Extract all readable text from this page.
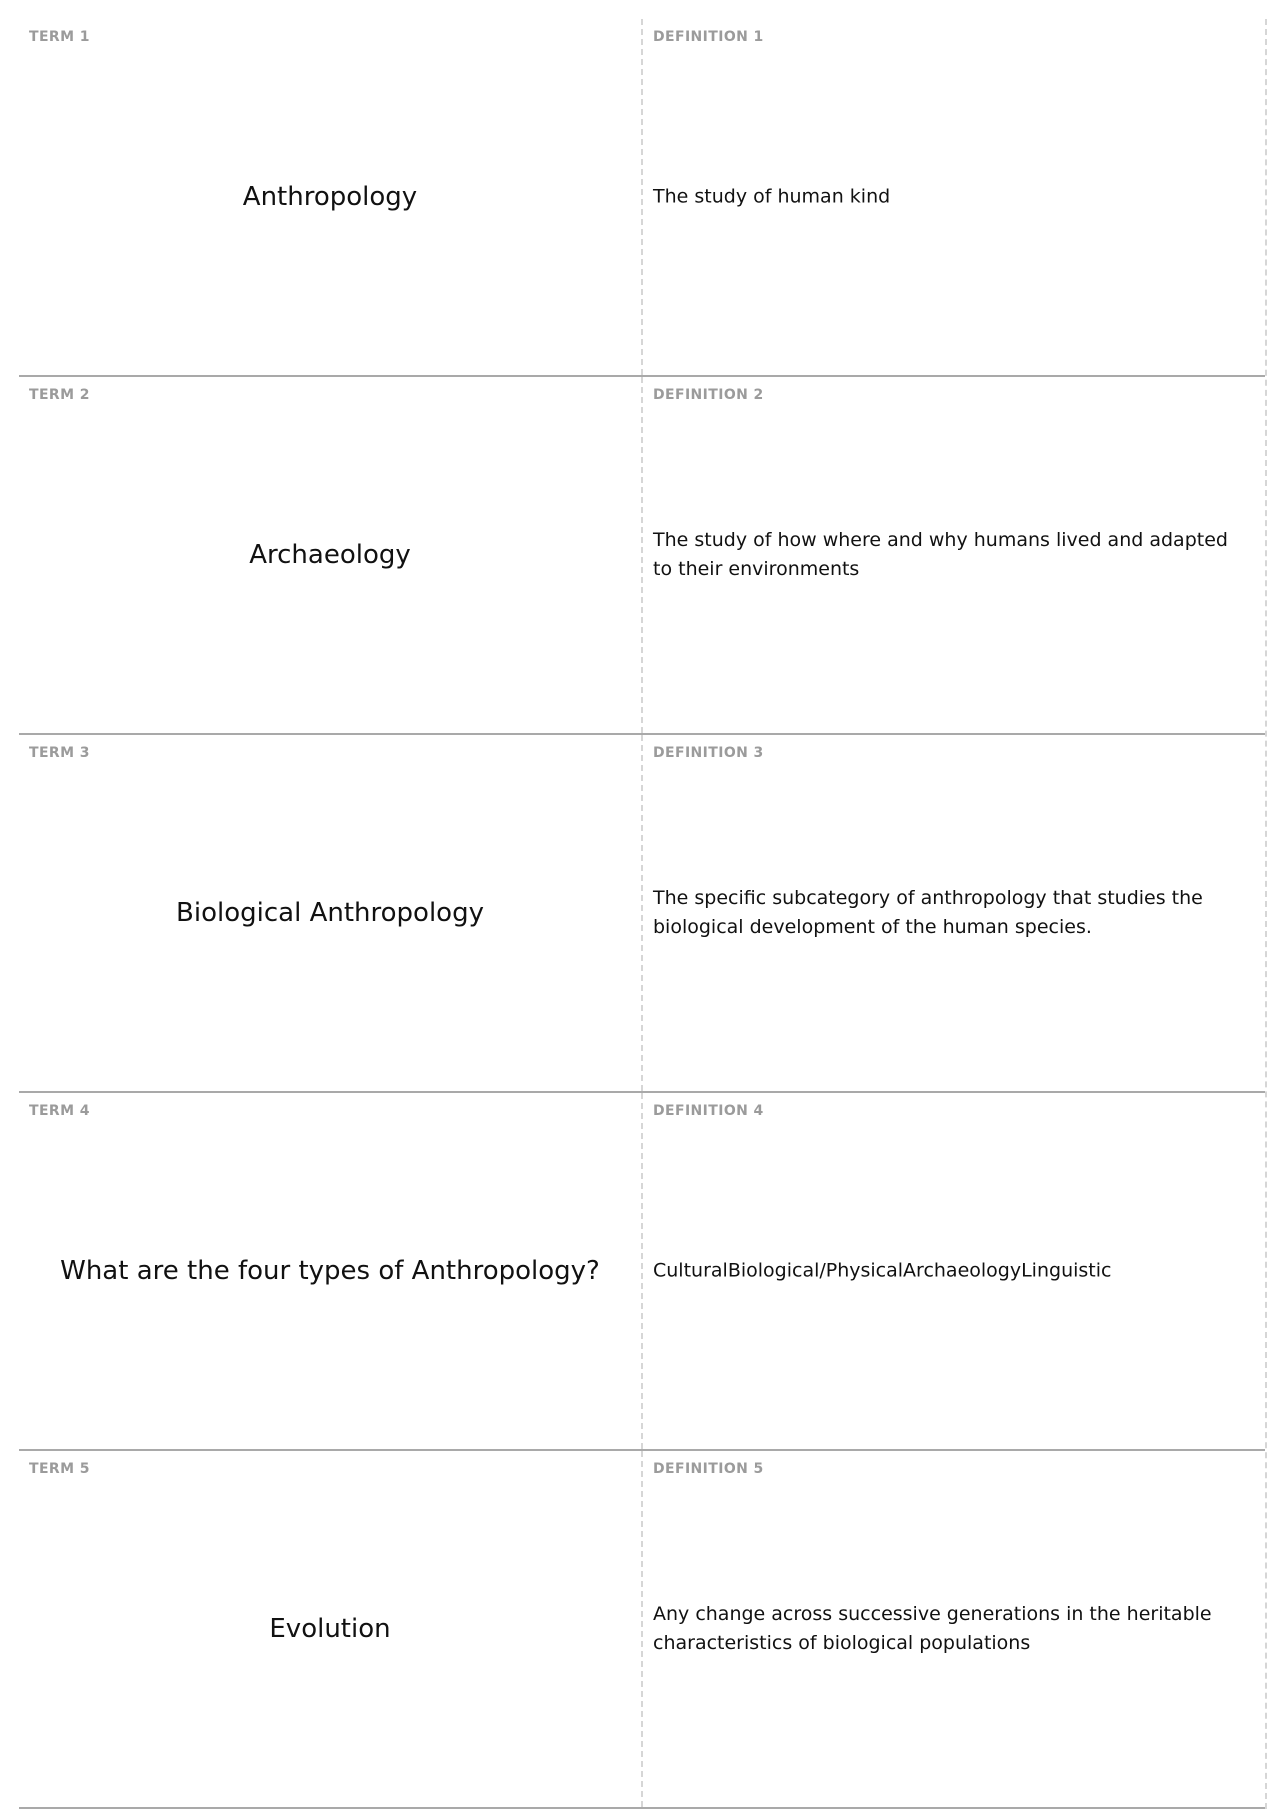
TERM 1
Anthropology
DEFINITION 1
The study of human kind
TERM 2
Archaeology
DEFINITION 2
The study of how where and why humans lived and adapted to their environments
TERM 3
Biological Anthropology
DEFINITION 3
The specific subcategory of anthropology that studies the biological development of the human species.
TERM 4
What are the four types of Anthropology?
DEFINITION 4
CulturalBiological/PhysicalArchaeologyLinguistic
TERM 5
Evolution
DEFINITION 5
Any change across successive generations in the heritable characteristics of biological populations
